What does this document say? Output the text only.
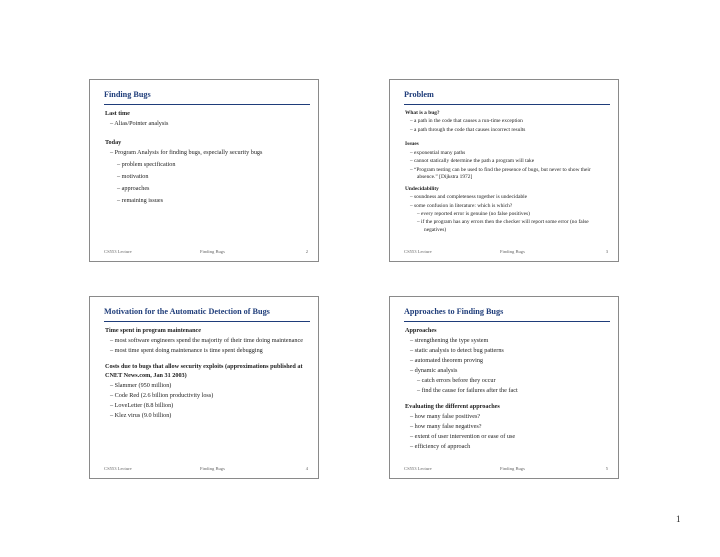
Finding Bugs
Last time
– Alias/Pointer analysis
Today
– Program Analysis for finding bugs, especially security bugs
– problem specification
– motivation
– approaches
– remaining issues
CS553 Lecture	Finding Bugs	2
Problem
What is a bug?
– a path in the code that causes a run-time exception
– a path through the code that causes incorrect results
Issues
– exponential many paths
– cannot statically determine the path a program will take
– “Program testing can be used to find the presence of bugs, but never to show their absence.” [Dijkstra 1972]
Undecidability
– soundness and completeness together is undecidable
– some confusion in literature: which is which?
– every reported error is genuine (no false positives)
– if the program has any errors then the checker will report some error (no false negatives)
CS553 Lecture	Finding Bugs	3
Motivation for the Automatic Detection of Bugs
Time spent in program maintenance
– most software engineers spend the majority of their time doing maintenance
– most time spent doing maintenance is time spent debugging
Costs due to bugs that allow security exploits (approximations published at CNET News.com, Jan 31 2003)
– Slammer (950 million)
– Code Red (2.6 billion productivity loss)
– LoveLetter (8.8 billion)
– Klez virus (9.0 billion)
CS553 Lecture	Finding Bugs	4
Approaches to Finding Bugs
Approaches
– strengthening the type system
– static analysis to detect bug patterns
– automated theorem proving
– dynamic analysis
– catch errors before they occur
– find the cause for failures after the fact
Evaluating the different approaches
– how many false positives?
– how many false negatives?
– extent of user intervention or ease of use
– efficiency of approach
CS553 Lecture	Finding Bugs	5
1
